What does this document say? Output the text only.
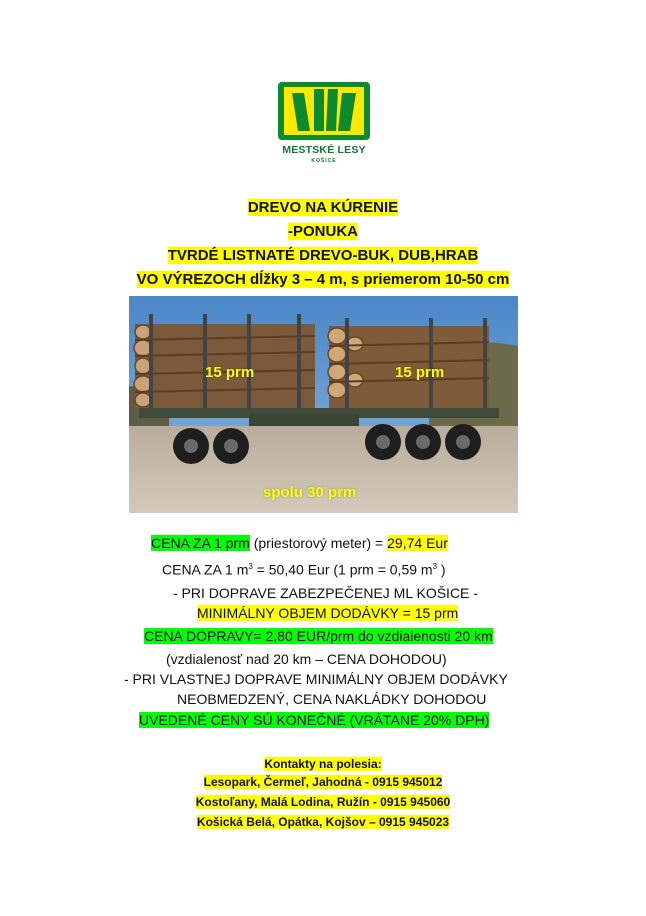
MESTSKÉ LESY
KOŠICE
DREVO NA KÚRENIE
-PONUKA
TVRDÉ LISTNATÉ DREVO-BUK, DUB,HRAB
VO VÝREZOCH dĺžky 3 – 4 m, s priemerom 10-50 cm
15 prm	15 prm
spolu 30 prm
CENA ZA 1 prm (priestorový meter) = 29,74 Eur
CENA ZA 1 $m^3 = 50,40$ Eur (1 prm = 0,59 $m^3$ )
- PRI DOPRAVE ZABEZPEČENEJ ML KOŠICE -
MINIMÁLNY OBJEM DODÁVKY = 15 prm
CENA DOPRAVY= 2,80 EUR/prm do vzdialenosti 20 km
(vzdialenosť nad 20 km – CENA DOHODOU)
- PRI VLASTNEJ DOPRAVE MINIMÁLNY OBJEM DODÁVKY
NEOBMEDZENÝ, CENA NAKLÁDKY DOHODOU
UVEDENÉ CENY SÚ KONEČNÉ (VRÁTANE 20% DPH)
Kontakty na polesia:
Lesopark, Čermeľ, Jahodná - 0915 945012
Kostoľany, Malá Lodina, Ružín - 0915 945060
Košická Belá, Opátka, Kojšov – 0915 945023
